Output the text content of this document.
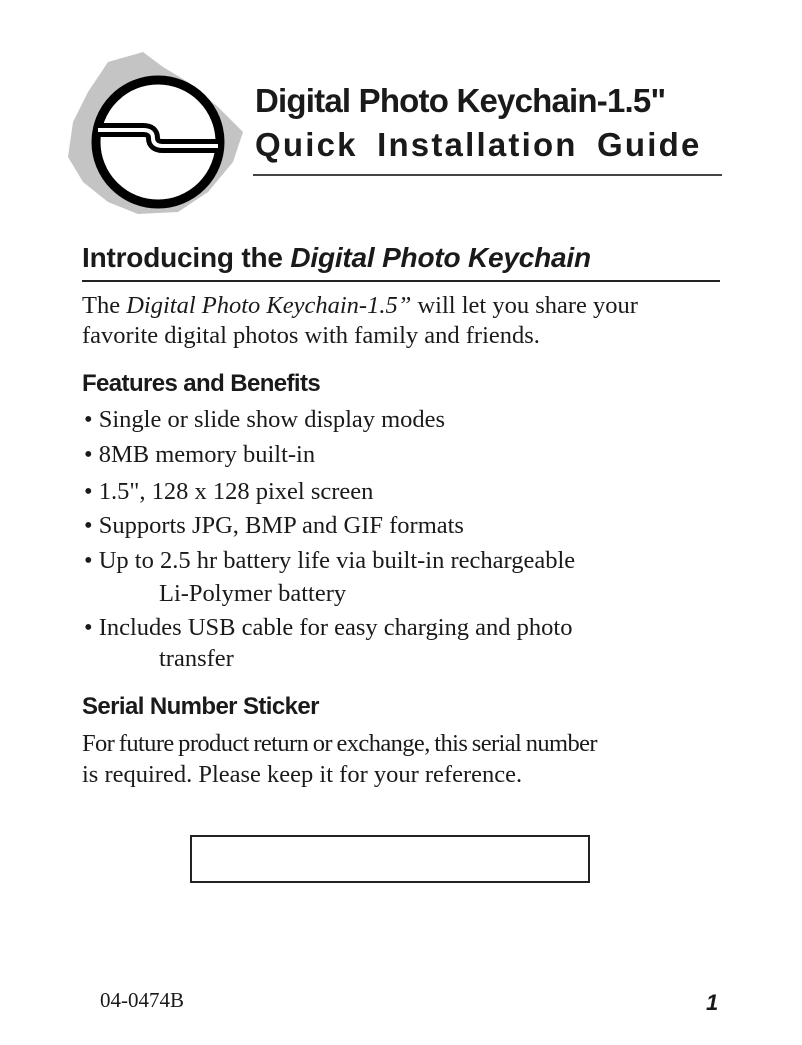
Digital Photo Keychain-1.5"
Quick Installation Guide
Introducing the Digital Photo Keychain
The Digital Photo Keychain-1.5” will let you share your
favorite digital photos with family and friends.
Features and Benefits
• Single or slide show display modes
• 8MB memory built-in
• 1.5", 128 x 128 pixel screen
• Supports JPG, BMP and GIF formats
• Up to 2.5 hr battery life via built-in rechargeable
Li-Polymer battery
• Includes USB cable for easy charging and photo
transfer
Serial Number Sticker
For future product return or exchange, this serial number
is required. Please keep it for your reference.
04-0474B	1
